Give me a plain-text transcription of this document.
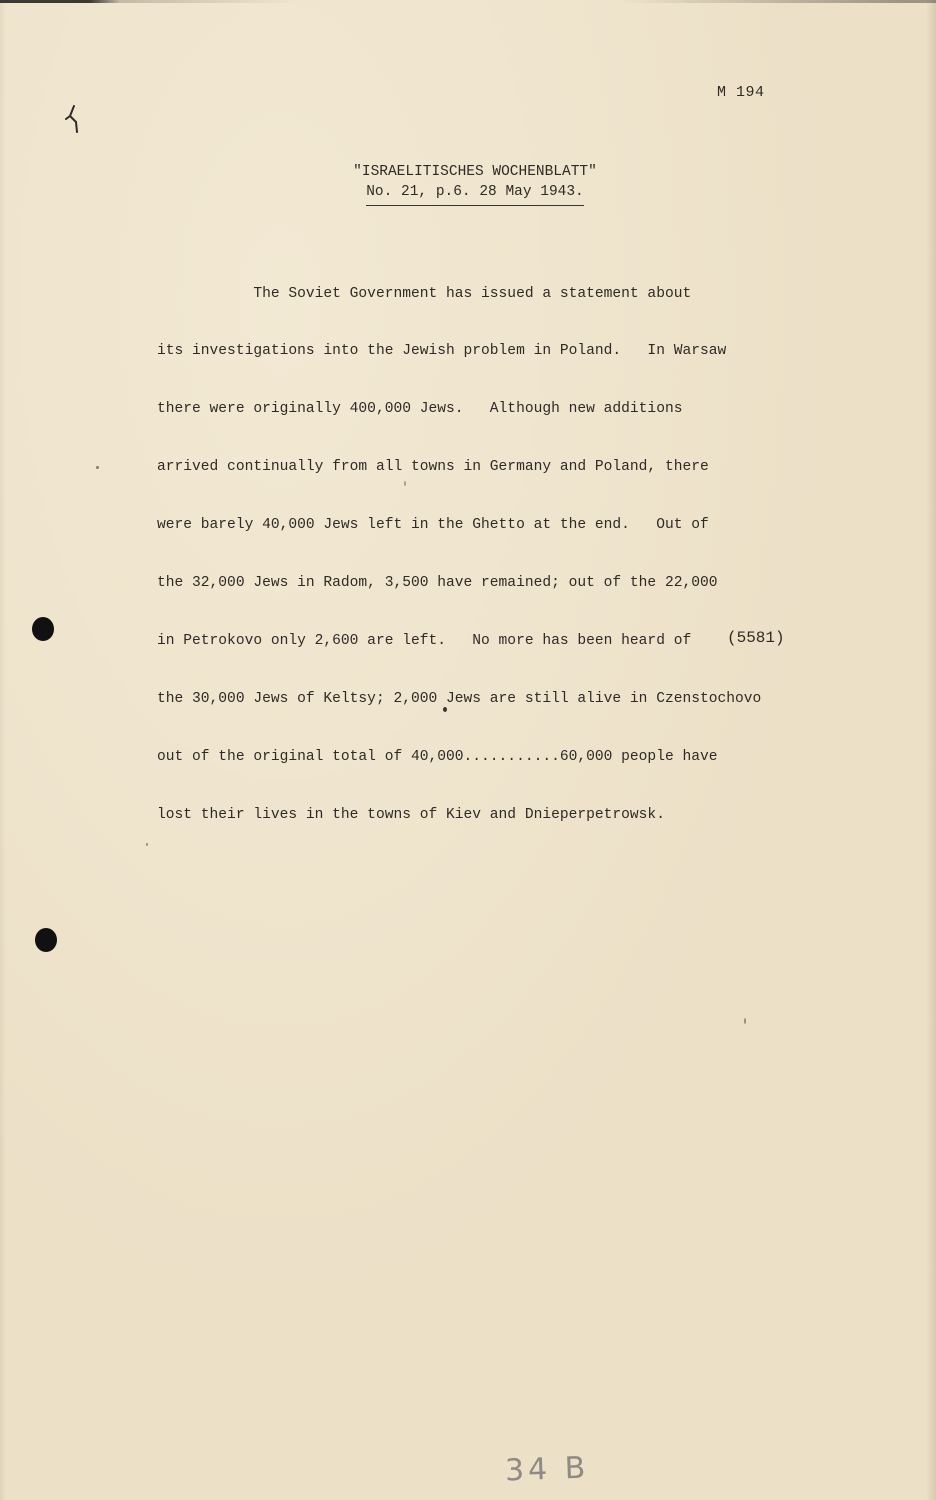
M 194
"ISRAELITISCHES WOCHENBLATT"
No. 21, p.6. 28 May 1943.

The Soviet Government has issued a statement about

its investigations into the Jewish problem in Poland.   In Warsaw

there were originally 400,000 Jews.   Although new additions

arrived continually from all towns in Germany and Poland, there

were barely 40,000 Jews left in the Ghetto at the end.   Out of

the 32,000 Jews in Radom, 3,500 have remained; out of the 22,000

in Petrokovo only 2,600 are left.   No more has been heard of

the 30,000 Jews of Keltsy; 2,000 Jews are still alive in Czenstochovo

out of the original total of 40,000...........60,000 people have

lost their lives in the towns of Kiev and Dnieperpetrowsk.

(5581)
34 B
